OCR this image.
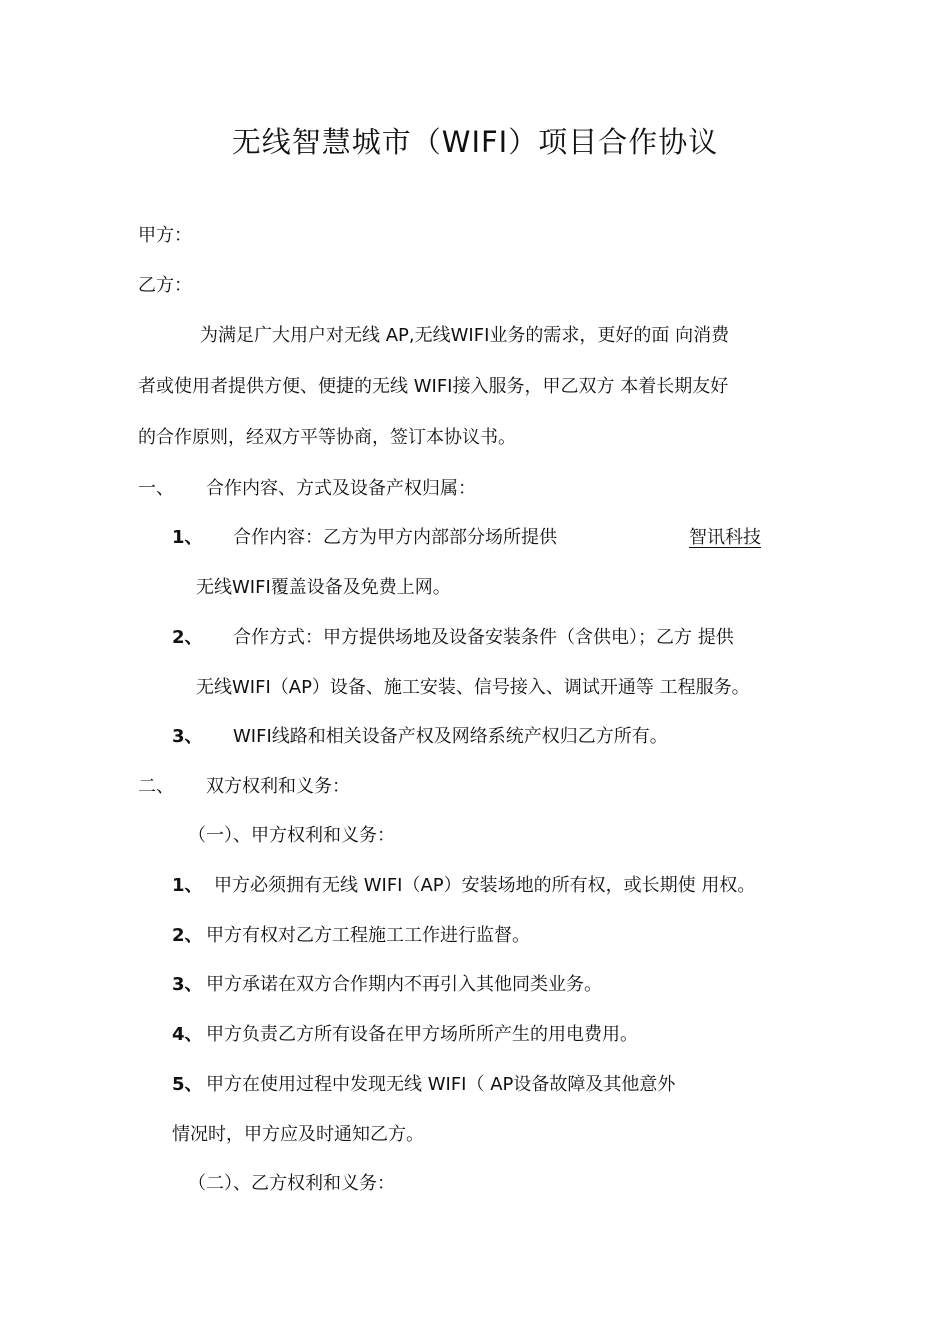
无线智慧城市（WIFI）项目合作协议
甲方：
乙方：
为满足广大用户对无线 AP,无线WIFI业务的需求，更好的面 向消费
者或使用者提供方便、便捷的无线 WIFI接入服务，甲乙双方 本着长期友好
的合作原则，经双方平等协商，签订本协议书。
一、 合作内容、方式及设备产权归属：
1、 合作内容：乙方为甲方内部部分场所提供	智讯科技
无线WIFI覆盖设备及免费上网。
2、 合作方式：甲方提供场地及设备安装条件（含供电）；乙方 提供
无线WIFI（AP）设备、施工安装、信号接入、调试开通等 工程服务。
3、 WIFI线路和相关设备产权及网络系统产权归乙方所有。
二、 双方权利和义务：
（一）、甲方权利和义务：
1、 甲方必须拥有无线 WIFI（AP）安装场地的所有权，或长期使 用权。
2、 甲方有权对乙方工程施工工作进行监督。
3、 甲方承诺在双方合作期内不再引入其他同类业务。
4、 甲方负责乙方所有设备在甲方场所所产生的用电费用。
5、 甲方在使用过程中发现无线 WIFI（ AP设备故障及其他意外
情况时，甲方应及时通知乙方。
（二）、乙方权利和义务：
